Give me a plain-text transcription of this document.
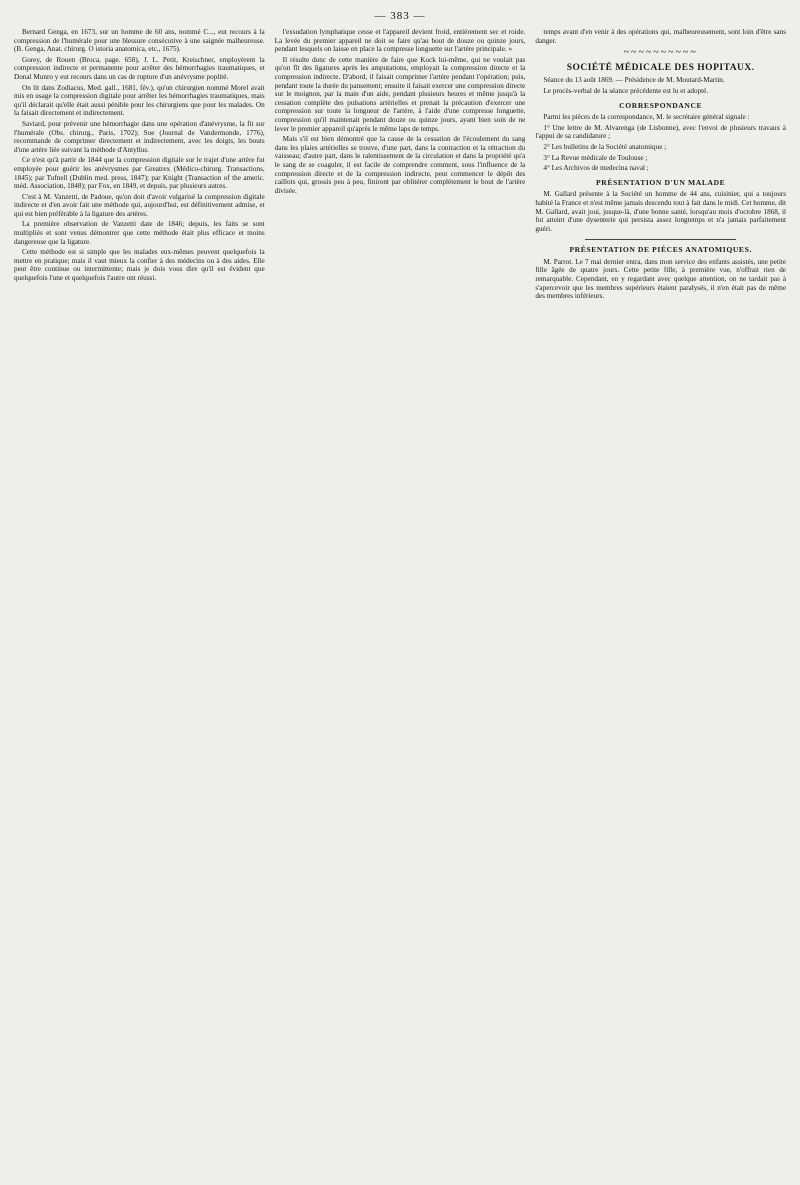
— 383 —

Bernard Genga, en 1673, sur un homme de 60 ans, nommé C..., eut recours à la compression de l'humérale pour une blessure consécutive à une saignée malheureuse. (B. Genga, Anat. chirurg. O istoria anatomica, etc., 1675).

Gorey, de Rouen (Broca, page. 658), J. L. Petit, Kreischner, employèrent la compression indirecte et permanente pour arrêter des hémorrhagies traumatiques, et Donal Munro y eut recours dans un cas de rupture d'un anévrysme poplité.

On lit dans Zodiacus, Med. gall., 1681, fév.), qu'un chirurgien nommé Morel avait mis en usage la compression digitale pour arrêter les hémorrhagies traumatiques, mais qu'il déclarait qu'elle était aussi pénible pour les chirurgiens que pour les malades. On la faisait directement et indirectement.

Saviard, pour prévenir une hémorrhagie dans une opération d'anévrysme, la fit sur l'humérale (Obs. chirurg., Paris, 1702); Sue (Journal de Vandermonde, 1776), recommande de comprimer directement et indirectement, avec les doigts, les bouts d'une artère liée suivant la méthode d'Antyllus.

Ce n'est qu'à partir de 1844 que la compression digitale sur le trajet d'une artère fut employée pour guérir les anévrysmes par Greatrex (Médico-chirurg. Transactions, 1845); par Tufnell (Dublin med. press, 1847); par Knight (Transaction of the americ. méd. Association, 1848); par Fox, en 1849, et depuis, par plusieurs autres.

C'est à M. Vanzetti, de Padoue, qu'on doit d'avoir vulgarisé la compression digitale indirecte et d'en avoir fait une méthode qui, aujourd'hui, est définitivement admise, et qui est bien préférable à la ligature des artères.

La première observation de Vanzetti date de 1846; depuis, les faits se sont multipliés et sont venus démontrer que cette méthode était plus efficace et moins dangereuse que la ligature.

Cette méthode est si simple que les malades eux-mêmes peuvent quelquefois la mettre en pratique; mais il vaut mieux la confier à des médecins ou à des aides. Elle peut être continue ou intermittente; mais je dois vous dire qu'il est évident que quelquefois l'une et quelquefois l'autre ont réussi.

l'exsudation lymphatique cesse et l'appareil devient froid, entièrement sec et roide. La levée du premier appareil ne doit se faire qu'au bout de douze ou quinze jours, pendant lesquels on laisse en place la compresse longuette sur l'artère principale. »

Il résulte donc de cette manière de faire que Kock lui-même, qui ne voulait pas qu'on fît des ligatures après les amputations, employait la compression directe et la compression indirecte. D'abord, il faisait comprimer l'artère pendant l'opération; puis, pendant toute la durée du pansement; ensuite il faisait exercer une compression directe sur le moignon, par la main d'un aide, pendant plusieurs heures et même jusqu'à la cessation complète des pulsations artérielles et prenait la précaution d'exercer une compression sur toute la longueur de l'artère, à l'aide d'une compresse longuette, compression qu'il maintenait pendant douze ou quinze jours, ayant bien soin de ne lever le premier appareil qu'après le même laps de temps.

Mais s'il est bien démontré que la cause de la cessation de l'écoulement du sang dans les plaies artérielles se trouve, d'une part, dans la contraction et la rétraction du vaisseau; d'autre part, dans le ralentissement de la circulation et dans la propriété qu'a le sang de se coaguler, il est facile de comprendre comment, sous l'influence de la compression directe et de la compression indirecte, peut commencer le dépôt des caillots qui, grossis peu à peu, finiront par oblitérer complètement le bout de l'artère divisée.

temps avant d'en venir à des opérations qui, malheureusement, sont loin d'être sans danger.

~~~~~~~~~~
SOCIÉTÉ MÉDICALE DES HOPITAUX.

Séance du 13 août 1869. — Présidence de M. Moutard-Martin.

Le procès-verbal de la séance précédente est lu et adopté.

CORRESPONDANCE

Parmi les pièces de la correspondance, M. le secrétaire général signale :

1° Une lettre de M. Alvarenga (de Lisbonne), avec l'envoi de plusieurs travaux à l'appui de sa candidature ;

2° Les bulletins de la Société anatomique ;

3° La Revue médicale de Toulouse ;

4° Les Archivos de medecina naval ;

PRÉSENTATION D'UN MALADE

M. Gallard présente à la Société un homme de 44 ans, cuisinier, qui a toujours habité la France et n'est même jamais descendu tout à fait dans le midi. Cet homme, dit M. Gallard, avait joui, jusque-là, d'une bonne santé, lorsqu'au mois d'octobre 1868, il fut atteint d'une dysenterie qui persista assez longtemps et n'a jamais parfaitement guéri.

PRÉSENTATION DE PIÈCES ANATOMIQUES.

M. Parrot. Le 7 mai dernier entra, dans mon service des enfants assistés, une petite fille âgée de quatre jours. Cette petite fille, à première vue, n'offrait rien de remarquable. Cependant, en y regardant avec quelque attention, on ne tardait pas à s'apercevoir que les membres supérieurs étaient paralysés, il n'en était pas de même des membres inférieurs.
